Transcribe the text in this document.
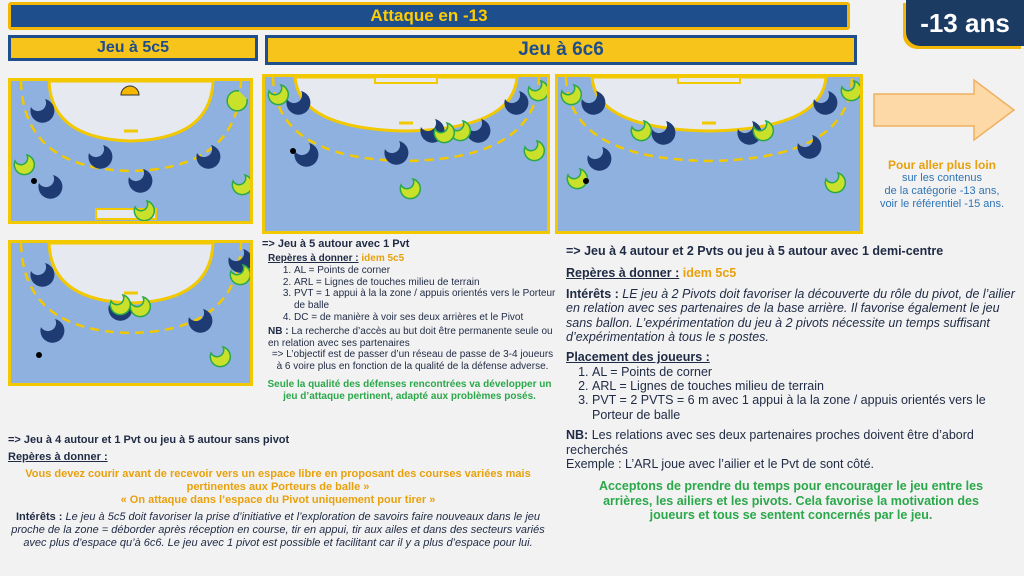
Attaque en -13	-13 ans
Jeu à 5c5	Jeu à 6c6
Pour aller plus loin
sur les contenus
de la catégorie -13 ans,
voir le référentiel -15 ans.
=> Jeu à 5 autour avec 1 Pvt
Repères à donner : idem 5c5
1. AL = Points de corner
2. ARL = Lignes de touches milieu de terrain
3. PVT = 1 appui à la la zone / appuis orientés vers le Porteur de balle
4. DC = de manière à voir ses deux arrières et le Pivot
NB : La recherche d’accès au but doit être permanente seule ou en relation avec ses partenaires
=> L’objectif est de passer d’un réseau de passe de 3-4 joueurs à 6 voire plus en fonction de la qualité de la défense adverse.
Seule la qualité des défenses rencontrées va développer un jeu d’attaque pertinent, adapté aux problèmes posés.
=> Jeu à 4 autour et 1 Pvt ou jeu à 5 autour sans pivot
Repères à donner :
Vous devez courir avant de recevoir vers un espace libre en proposant des courses variées mais pertinentes aux Porteurs de balle »
« On attaque dans l’espace du Pivot uniquement pour tirer »
Intérêts : Le jeu à 5c5 doit favoriser la prise d’initiative et l’exploration de savoirs faire nouveaux dans le jeu proche de la zone = déborder après réception en course, tir en appui, tir aux ailes et dans des secteurs variés avec plus d’espace qu’à 6c6. Le jeu avec 1 pivot est possible et facilitant car il y a plus d’espace pour lui.
=> Jeu à 4 autour et 2 Pvts ou jeu à 5 autour avec 1 demi-centre
Repères à donner : idem 5c5
Intérêts : LE jeu à 2 Pivots doit favoriser la découverte du rôle du pivot, de l’ailier en relation avec ses partenaires de la base arrière. Il favorise également le jeu sans ballon. L’expérimentation du jeu à 2 pivots nécessite un temps suffisant d’expérimentation à tous le s postes.
Placement des joueurs :
1. AL = Points de corner
2. ARL = Lignes de touches milieu de terrain
3. PVT = 2 PVTS = 6 m avec 1 appui à la la zone / appuis orientés vers le Porteur de balle
NB: Les relations avec ses deux partenaires proches doivent être d’abord recherchés
Exemple : L’ARL joue avec l’ailier et le Pvt de sont côté.
Acceptons de prendre du temps pour encourager le jeu entre les arrières, les ailiers et les pivots. Cela favorise la motivation des joueurs et tous se sentent concernés par le jeu.
